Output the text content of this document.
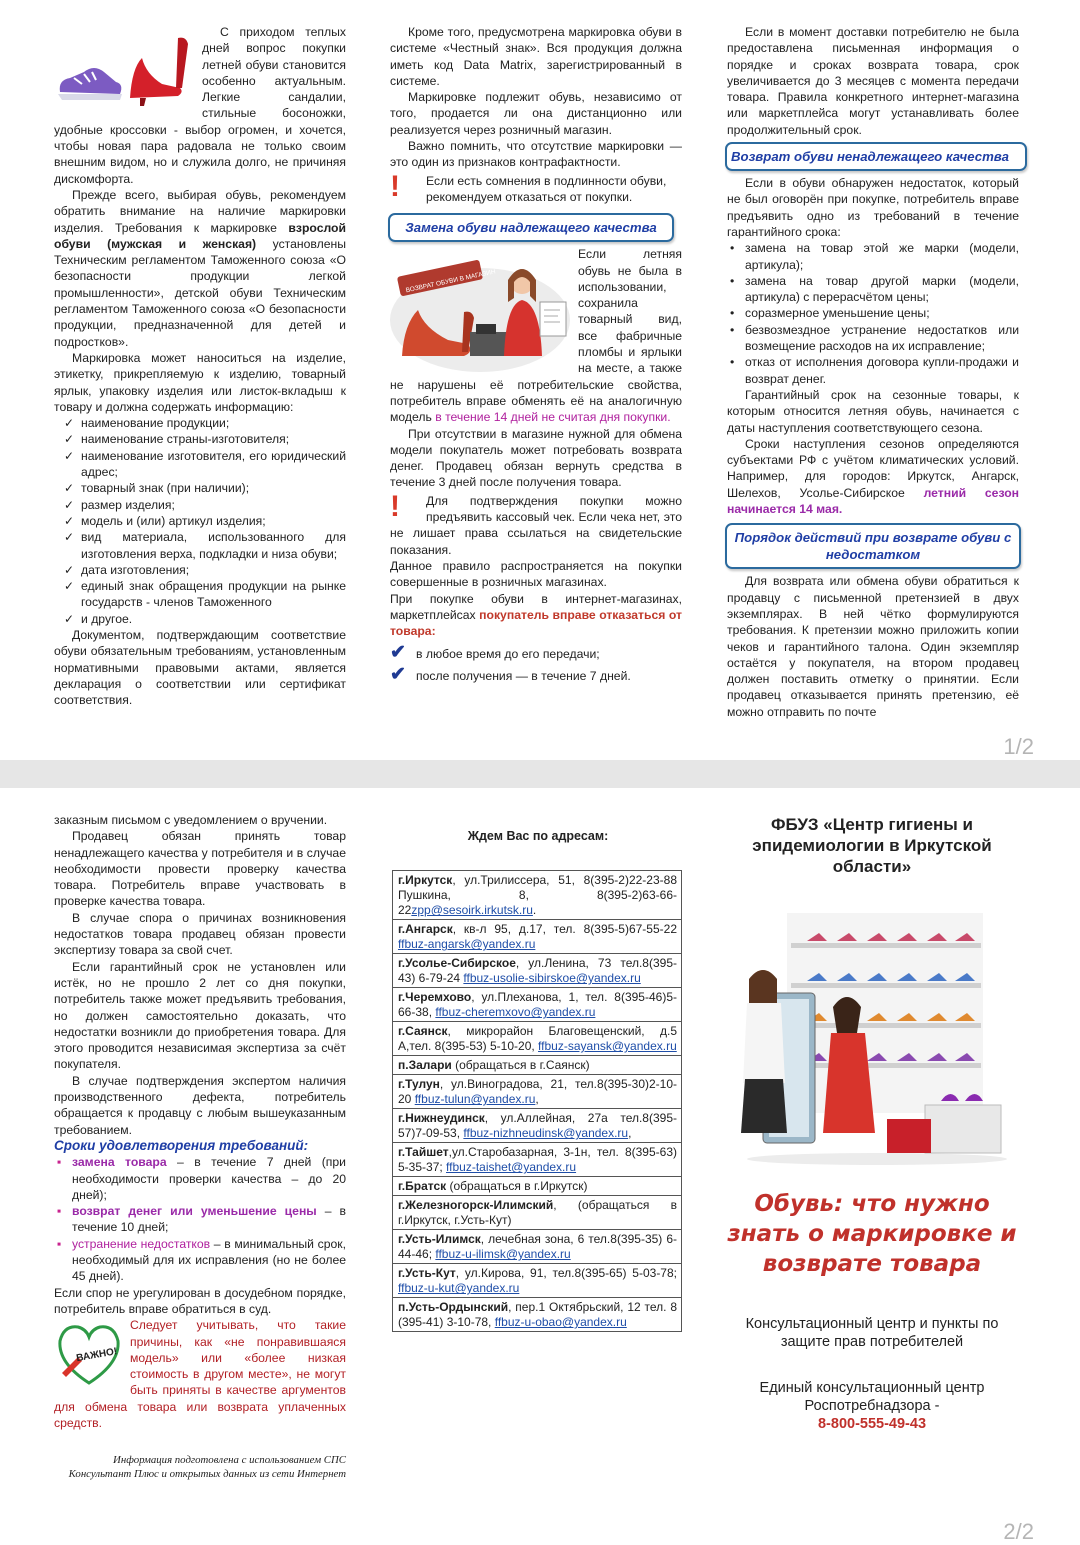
С приходом теплых дней вопрос покупки летней обуви становится особенно актуальным. Легкие сандалии, стильные босоножки, удобные кроссовки - выбор огромен, и хочется, чтобы новая пара радовала не только своим внешним видом, но и служила долго, не причиняя дискомфорта.

Прежде всего, выбирая обувь, рекомендуем обратить внимание на наличие маркировки изделия. Требования к маркировке взрослой обуви (мужская и женская) установлены Техническим регламентом Таможенного союза «О безопасности продукции легкой промышленности», детской обуви Техническим регламентом Таможенного союза «О безопасности продукции, предназначенной для детей и подростков».

Маркировка может наноситься на изделие, этикетку, прикрепляемую к изделию, товарный ярлык, упаковку изделия или листок-вкладыш к товару и должна содержать информацию:

✓ наименование продукции;
✓ наименование страны-изготовителя;
✓ наименование изготовителя, его юридический адрес;
✓ товарный знак (при наличии);
✓ размер изделия;
✓ модель и (или) артикул изделия;
✓ вид материала, использованного для изготовления верха, подкладки и низа обуви;
✓ дата изготовления;
✓ единый знак обращения продукции на рынке государств - членов Таможенного
✓ и другое.

Документом, подтверждающим соответствие обуви обязательным требованиям, установленным нормативными правовыми актами, является декларация о соответствии или сертификат соответствия.

Кроме того, предусмотрена маркировка обуви в системе «Честный знак». Вся продукция должна иметь код Data Matrix, зарегистрированный в системе.

Маркировке подлежит обувь, независимо от того, продается ли она дистанционно или реализуется через розничный магазин.

Важно помнить, что отсутствие маркировки — это один из признаков контрафактности.

!	Если есть сомнения в подлинности обуви, рекомендуем отказаться от покупки.

Замена обуви надлежащего качества
ВОЗВРАТ ОБУВИ В МАГАЗИН

Если летняя обувь не была в использовании, сохранила товарный вид, все фабричные пломбы и ярлыки на месте, а также не нарушены её потребительские свойства, потребитель вправе обменять её на аналогичную модель в течение 14 дней не считая дня покупки.

При отсутствии в магазине нужной для обмена модели покупатель может потребовать возврата денег. Продавец обязан вернуть средства в течение 3 дней после получения товара.

!	Для подтверждения покупки можно предъявить кассовый чек. Если чека нет, это не лишает права ссылаться на свидетельские показания.

Данное правило распространяется на покупки совершенные в розничных магазинах.

При покупке обуви в интернет-магазинах, маркетплейсах покупатель вправе отказаться от товара:

✔ в любое время до его передачи;
✔ после получения — в течение 7 дней.

Если в момент доставки потребителю не была предоставлена письменная информация о порядке и сроках возврата товара, срок увеличивается до 3 месяцев с момента передачи товара. Правила конкретного интернет-магазина или маркетплейса могут устанавливать более продолжительный срок.

Возврат обуви ненадлежащего качества

Если в обуви обнаружен недостаток, который не был оговорён при покупке, потребитель вправе предъявить одно из требований в течение гарантийного срока:

• замена на товар этой же марки (модели, артикула);
• замена на товар другой марки (модели, артикула) с перерасчётом цены;
• соразмерное уменьшение цены;
• безвозмездное устранение недостатков или возмещение расходов на их исправление;
• отказ от исполнения договора купли-продажи и возврат денег.

Гарантийный срок на сезонные товары, к которым относится летняя обувь, начинается с даты наступления соответствующего сезона.

Сроки наступления сезонов определяются субъектами РФ с учётом климатических условий. Например, для городов: Иркутск, Ангарск, Шелехов, Усолье-Сибирское летний сезон начинается 14 мая.

Порядок действий при возврате обуви с недостатком

Для возврата или обмена обуви обратиться к продавцу с письменной претензией в двух экземплярах. В ней чётко формулируются требования. К претензии можно приложить копии чеков и гарантийного талона. Один экземпляр остаётся у покупателя, на втором продавец должен поставить отметку о принятии. Если продавец отказывается принять претензию, её можно отправить по почте

1/2

заказным письмом с уведомлением о вручении.

Продавец обязан принять товар ненадлежащего качества у потребителя и в случае необходимости провести проверку качества товара. Потребитель вправе участвовать в проверке качества товара.

В случае спора о причинах возникновения недостатков товара продавец обязан провести экспертизу товара за свой счет.

Если гарантийный срок не установлен или истёк, но не прошло 2 лет со дня покупки, потребитель также может предъявить требования, но должен самостоятельно доказать, что недостатки возникли до приобретения товара. Для этого проводится независимая экспертиза за счёт покупателя.

В случае подтверждения экспертом наличия производственного дефекта, потребитель обращается к продавцу с любым вышеуказанным требованием.

Сроки удовлетворения требований:
▪ замена товара – в течение 7 дней (при необходимости проверки качества – до 20 дней);
▪ возврат денег или уменьшение цены – в течение 10 дней;
▪ устранение недостатков – в минимальный срок, необходимый для их исправления (но не более 45 дней).

Если спор не урегулирован в досудебном порядке, потребитель вправе обратиться в суд.

ВАЖНО!

Следует учитывать, что такие причины, как «не понравившаяся модель» или «более низкая стоимость в другом месте», не могут быть приняты в качестве аргументов для обмена товара или возврата уплаченных средств.

Информация подготовлена с использованием СПС Консультант Плюс и открытых данных из сети Интернет
Ждем Вас по адресам:
г.Иркутск, ул.Трилиссера, 51, 8(395-2)22-23-88 Пушкина, 8, 8(395-2)63-66-22zpp@sesoirk.irkutsk.ru.
г.Ангарск, кв-л 95, д.17, тел. 8(395-5)67-55-22 ffbuz-angarsk@yandex.ru
г.Усолье-Сибирское, ул.Ленина, 73 тел.8(395-43) 6-79-24 ffbuz-usolie-sibirskoe@yandex.ru
г.Черемхово, ул.Плеханова, 1, тел. 8(395-46)5-66-38, ffbuz-cheremxovo@yandex.ru
г.Саянск, микрорайон Благовещенский, д.5 А,тел. 8(395-53) 5-10-20, ffbuz-sayansk@yandex.ru
п.Залари (обращаться в г.Саянск)
г.Тулун, ул.Виноградова, 21, тел.8(395-30)2-10-20 ffbuz-tulun@yandex.ru,
г.Нижнеудинск, ул.Аллейная, 27а тел.8(395-57)7-09-53, ffbuz-nizhneudinsk@yandex.ru,
г.Тайшет,ул.Старобазарная, 3-1н, тел. 8(395-63) 5-35-37; ffbuz-taishet@yandex.ru
г.Братск (обращаться в г.Иркутск)
г.Железногорск-Илимский, (обращаться в г.Иркутск, г.Усть-Кут)
г.Усть-Илимск, лечебная зона, 6 тел.8(395-35) 6-44-46; ffbuz-u-ilimsk@yandex.ru
г.Усть-Кут, ул.Кирова, 91, тел.8(395-65) 5-03-78; ffbuz-u-kut@yandex.ru
п.Усть-Ордынский, пер.1 Октябрьский, 12 тел. 8 (395-41) 3-10-78, ffbuz-u-obao@yandex.ru
ФБУЗ «Центр гигиены и эпидемиологии в Иркутской области»
Обувь: что нужно знать о маркировке и возврате товара
Консультационный центр и пункты по защите прав потребителей
Единый консультационный центр Роспотребнадзора -
8-800-555-49-43
2/2
